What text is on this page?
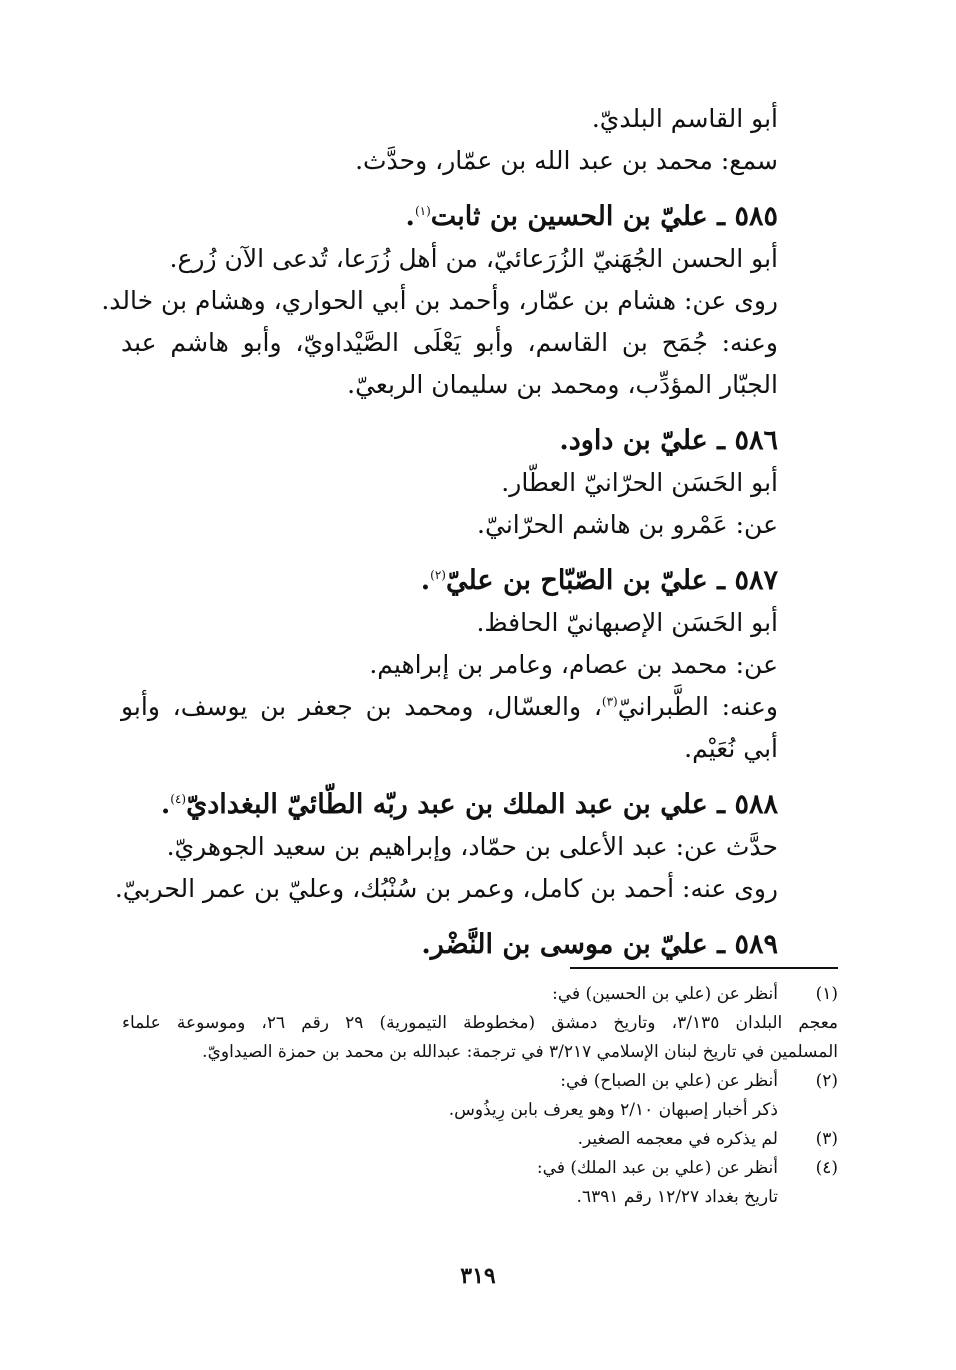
أبو القاسم البلديّ.
سمع: محمد بن عبد الله بن عمّار، وحدَّث.
٥٨٥ ـ عليّ بن الحسين بن ثابت$^{(١)}$.
أبو الحسن الجُهَنيّ الزُرَعائيّ، من أهل زُرَعا، تُدعى الآن زُرع.
روى عن: هشام بن عمّار، وأحمد بن أبي الحواري، وهشام بن خالد.
وعنه: جُمَح بن القاسم، وأبو يَعْلَى الصَّيْداويّ، وأبو هاشم عبد الجبّار المؤدِّب، ومحمد بن سليمان الربعيّ.
٥٨٦ ـ عليّ بن داود.
أبو الحَسَن الحرّانيّ العطّار.
عن: عَمْرو بن هاشم الحرّانيّ.
٥٨٧ ـ عليّ بن الصّبّاح بن عليّ$^{(٢)}$.
أبو الحَسَن الإصبهانيّ الحافظ.
عن: محمد بن عصام، وعامر بن إبراهيم.
وعنه: الطَّبرانيّ$^{(٣)}$، والعسّال، ومحمد بن جعفر بن يوسف، وأبو أبي نُعَيْم.
٥٨٨ ـ علي بن عبد الملك بن عبد ربّه الطّائيّ البغداديّ$^{(٤)}$.
حدَّث عن: عبد الأعلى بن حمّاد، وإبراهيم بن سعيد الجوهريّ.
روى عنه: أحمد بن كامل، وعمر بن سُنْبُك، وعليّ بن عمر الحربيّ.
٥٨٩ ـ عليّ بن موسى بن النَّضْر.
(١)
أنظر عن (علي بن الحسين) في:
معجم البلدان ٣/١٣٥، وتاريخ دمشق (مخطوطة التيمورية) ٢٩ رقم ٢٦، وموسوعة علماء
المسلمين في تاريخ لبنان الإسلامي ٣/٢١٧ في ترجمة: عبدالله بن محمد بن حمزة الصيداويّ.
(٢)
أنظر عن (علي بن الصباح) في:
ذكر أخبار إصبهان ٢/١٠ وهو يعرف بابن رِيذُوس.
(٣)
لم يذكره في معجمه الصغير.
(٤)
أنظر عن (علي بن عبد الملك) في:
تاريخ بغداد ١٢/٢٧ رقم ٦٣٩١.
٣١٩
